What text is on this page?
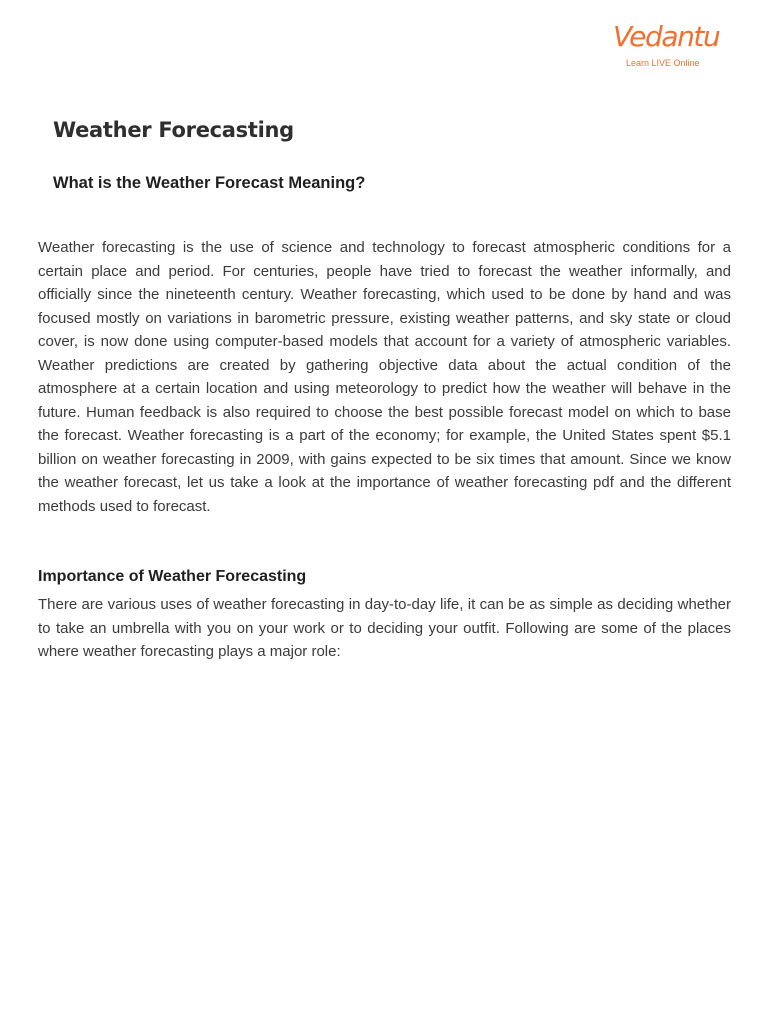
Vedantu
Learn LIVE Online
Weather Forecasting
What is the Weather Forecast Meaning?

Weather forecasting is the use of science and technology to forecast atmospheric conditions for a certain place and period. For centuries, people have tried to forecast the weather informally, and officially since the nineteenth century. Weather forecasting, which used to be done by hand and was focused mostly on variations in barometric pressure, existing weather patterns, and sky state or cloud cover, is now done using computer-based models that account for a variety of atmospheric variables. Weather predictions are created by gathering objective data about the actual condition of the atmosphere at a certain location and using meteorology to predict how the weather will behave in the future. Human feedback is also required to choose the best possible forecast model on which to base the forecast. Weather forecasting is a part of the economy; for example, the United States spent $5.1 billion on weather forecasting in 2009, with gains expected to be six times that amount. Since we know the weather forecast, let us take a look at the importance of weather forecasting pdf and the different methods used to forecast.

Importance of Weather Forecasting

There are various uses of weather forecasting in day-to-day life, it can be as simple as deciding whether to take an umbrella with you on your work or to deciding your outfit. Following are some of the places where weather forecasting plays a major role:
